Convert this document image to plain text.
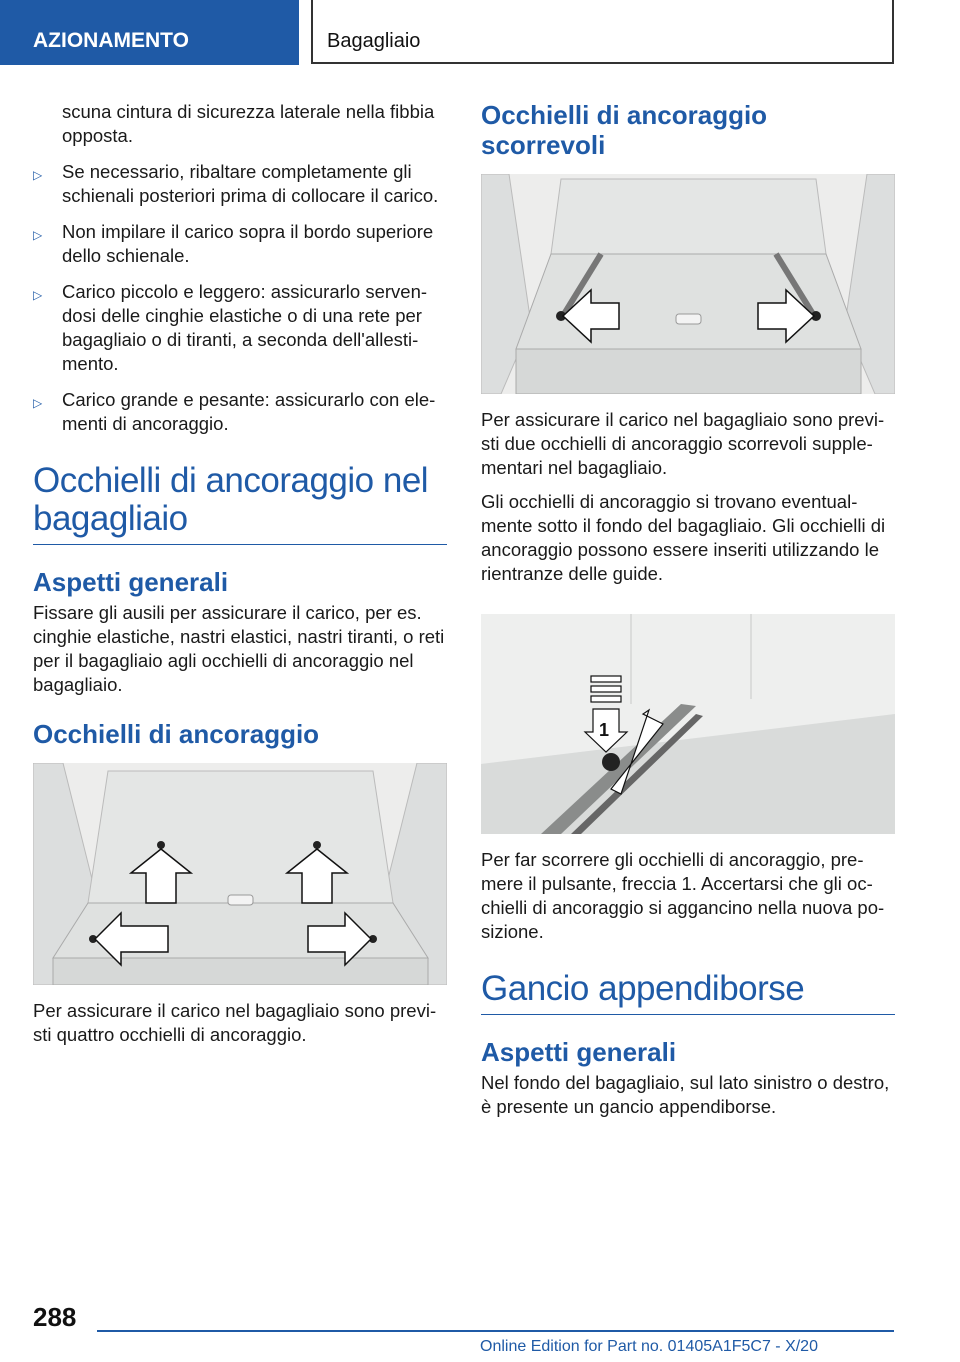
AZIONAMENTO	Bagagliaio
scuna cintura di sicurezza laterale nella fibbia opposta.
▷ Se necessario, ribaltare completamente gli schienali posteriori prima di collocare il carico.
▷ Non impilare il carico sopra il bordo superiore dello schienale.
▷ Carico piccolo e leggero: assicurarlo servendosi delle cinghie elastiche o di una rete per bagagliaio o di tiranti, a seconda dell'allestimento.
▷ Carico grande e pesante: assicurarlo con elementi di ancoraggio.
Occhielli di ancoraggio nel bagagliaio
Aspetti generali

Fissare gli ausili per assicurare il carico, per es. cinghie elastiche, nastri elastici, nastri tiranti, o reti per il bagagliaio agli occhielli di ancoraggio nel bagagliaio.

Occhielli di ancoraggio

Per assicurare il carico nel bagagliaio sono previsti quattro occhielli di ancoraggio.

Occhielli di ancoraggio scorrevoli

Per assicurare il carico nel bagagliaio sono previsti due occhielli di ancoraggio scorrevoli supplementari nel bagagliaio.

Gli occhielli di ancoraggio si trovano eventualmente sotto il fondo del bagagliaio. Gli occhielli di ancoraggio possono essere inseriti utilizzando le rientranze delle guide.

1

Per far scorrere gli occhielli di ancoraggio, premere il pulsante, freccia 1. Accertarsi che gli occhielli di ancoraggio si aggancino nella nuova posizione.

Gancio appendiborse
Aspetti generali

Nel fondo del bagagliaio, sul lato sinistro o destro, è presente un gancio appendiborse.

288
Online Edition for Part no. 01405A1F5C7 - X/20
